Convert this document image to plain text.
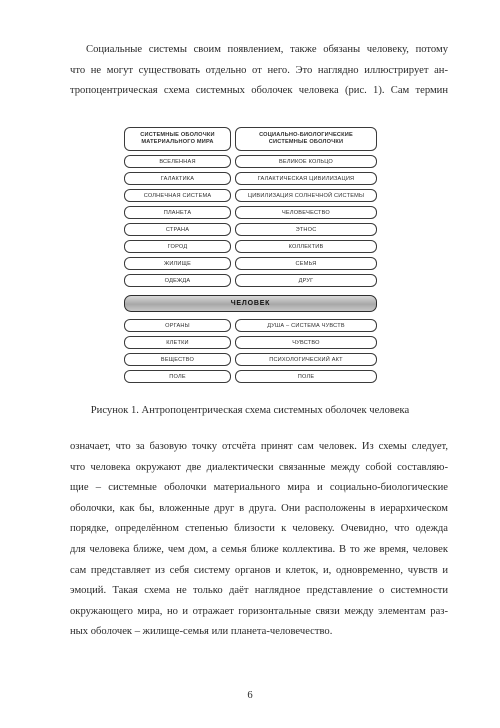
Социальные системы своим появлением, также обязаны человеку, потому
что не могут существовать отдельно от него. Это наглядно иллюстрирует ан-
тропоцентрическая схема системных оболочек человека (рис. 1). Сам термин

СИСТЕМНЫЕ ОБОЛОЧКИ
МАТЕРИАЛЬНОГО МИРА
СОЦИАЛЬНО-БИОЛОГИЧЕСКИЕ
СИСТЕМНЫЕ ОБОЛОЧКИ
ВСЕЛЕННАЯ
ГАЛАКТИКА
СОЛНЕЧНАЯ СИСТЕМА
ПЛАНЕТА
СТРАНА
ГОРОД
ЖИЛИЩЕ
ОДЕЖДА
ВЕЛИКОЕ КОЛЬЦО
ГАЛАКТИЧЕСКАЯ ЦИВИЛИЗАЦИЯ
ЦИВИЛИЗАЦИЯ СОЛНЕЧНОЙ СИСТЕМЫ
ЧЕЛОВЕЧЕСТВО
ЭТНОС
КОЛЛЕКТИВ
СЕМЬЯ
ДРУГ
ЧЕЛОВЕК
ОРГАНЫ
КЛЕТКИ
ВЕЩЕСТВО
ПОЛЕ
ДУША – СИСТЕМА ЧУВСТВ
ЧУВСТВО
ПСИХОЛОГИЧЕСКИЙ АКТ
ПОЛЕ
Рисунок 1. Антропоцентрическая схема системных оболочек человека

означает, что за базовую точку отсчёта принят сам человек. Из схемы следует,
что человека окружают две диалектически связанные между собой составляю-
щие – системные оболочки материального мира и социально-биологические
оболочки, как бы, вложенные друг в друга. Они расположены в иерархическом
порядке, определённом степенью близости к человеку. Очевидно, что одежда
для человека ближе, чем дом, а семья ближе коллектива. В то же время, человек
сам представляет из себя систему органов и клеток, и, одновременно, чувств и
эмоций. Такая схема не только даёт наглядное представление о системности
окружающего мира, но и отражает горизонтальные связи между элементам раз-
ных оболочек – жилище-семья или планета-человечество.

6
